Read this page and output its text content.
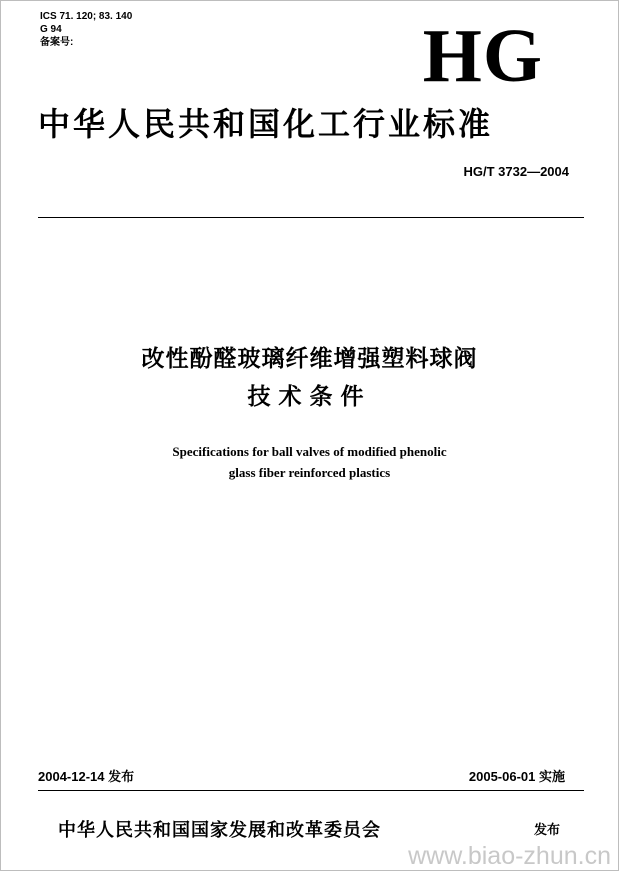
ICS 71. 120; 83. 140
G 94
备案号:	HG
中华人民共和国化工行业标准
HG/T 3732—2004
改性酚醛玻璃纤维增强塑料球阀
技术条件
Specifications for ball valves of modified phenolic
glass fiber reinforced plastics
2004-12-14 发布	2005-06-01 实施
中华人民共和国国家发展和改革委员会	发布
www.biao-zhun.cn
